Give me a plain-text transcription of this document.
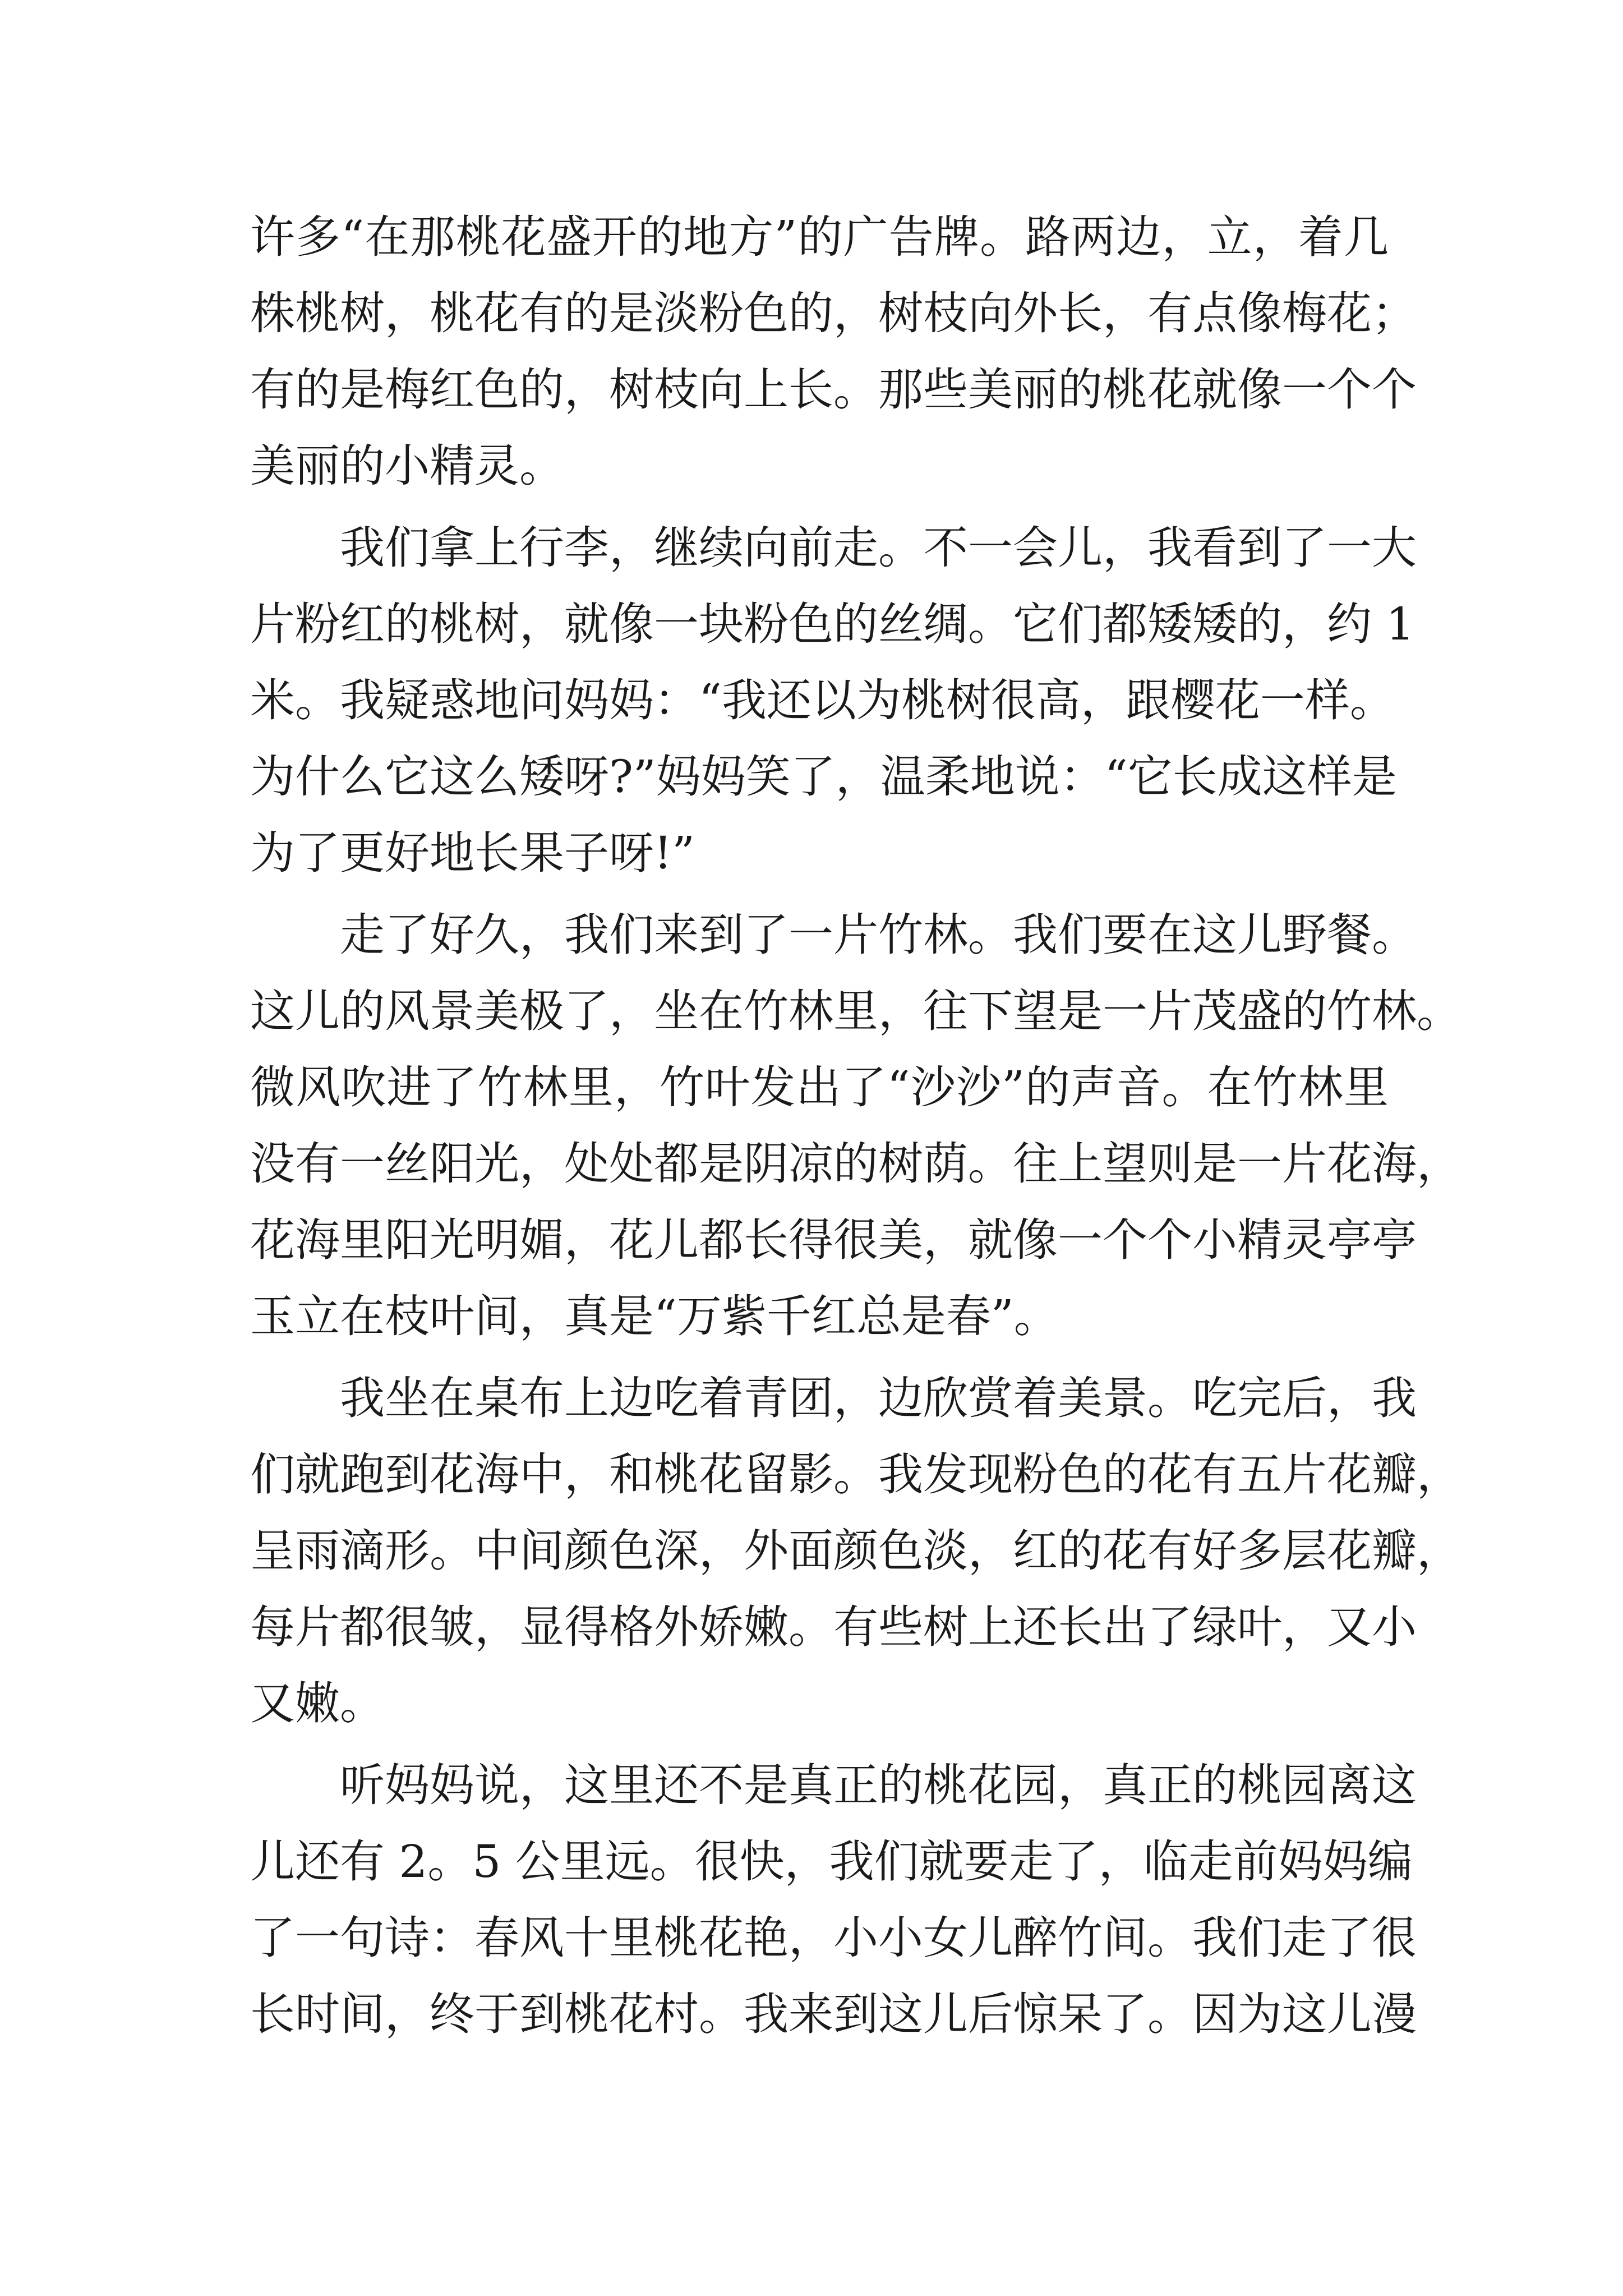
许多“在那桃花盛开的地方”的广告牌。路两边，立，着几
株桃树，桃花有的是淡粉色的，树枝向外长，有点像梅花；
有的是梅红色的，树枝向上长。那些美丽的桃花就像一个个
美丽的小精灵。
我们拿上行李，继续向前走。不一会儿，我看到了一大
片粉红的桃树，就像一块粉色的丝绸。它们都矮矮的，约 1
米。我疑惑地问妈妈：“我还以为桃树很高，跟樱花一样。
为什么它这么矮呀?”妈妈笑了，温柔地说：“它长成这样是
为了更好地长果子呀!”
走了好久，我们来到了一片竹林。我们要在这儿野餐。
这儿的风景美极了，坐在竹林里，往下望是一片茂盛的竹林。
微风吹进了竹林里，竹叶发出了“沙沙”的声音。在竹林里
没有一丝阳光，处处都是阴凉的树荫。往上望则是一片花海，
花海里阳光明媚，花儿都长得很美，就像一个个小精灵亭亭
玉立在枝叶间，真是“万紫千红总是春”。
我坐在桌布上边吃着青团，边欣赏着美景。吃完后，我
们就跑到花海中，和桃花留影。我发现粉色的花有五片花瓣，
呈雨滴形。中间颜色深，外面颜色淡，红的花有好多层花瓣，
每片都很皱，显得格外娇嫩。有些树上还长出了绿叶，又小
又嫩。
听妈妈说，这里还不是真正的桃花园，真正的桃园离这
儿还有 2。5 公里远。很快，我们就要走了，临走前妈妈编
了一句诗：春风十里桃花艳，小小女儿醉竹间。我们走了很
长时间，终于到桃花村。我来到这儿后惊呆了。因为这儿漫
